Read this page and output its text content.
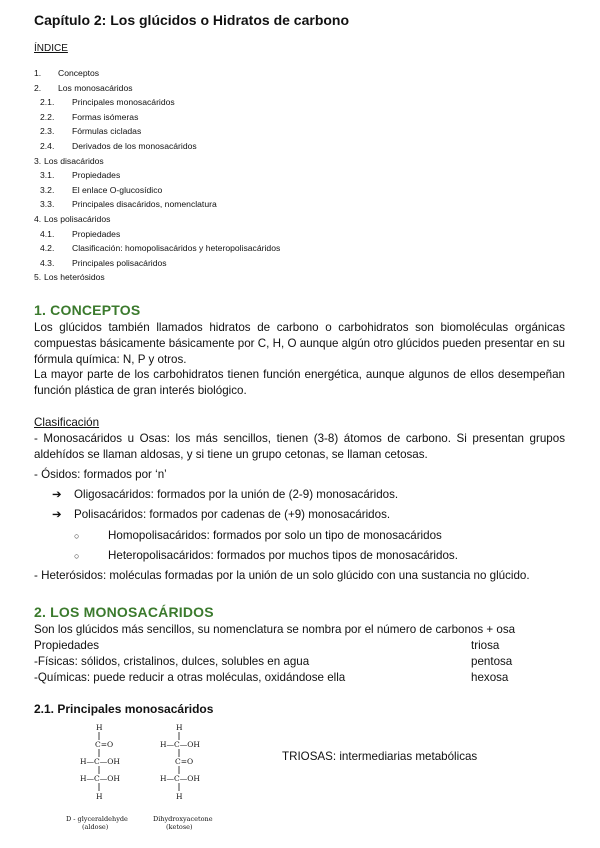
Capítulo 2: Los glúcidos o Hidratos de carbono
ÍNDICE
1. Conceptos
2. Los monosacáridos
2.1. Principales monosacáridos
2.2. Formas isómeras
2.3. Fórmulas cicladas
2.4. Derivados de los monosacáridos
3. Los disacáridos
3.1. Propiedades
3.2. El enlace O-glucosídico
3.3. Principales disacáridos, nomenclatura
4. Los polisacáridos
4.1. Propiedades
4.2. Clasificación: homopolisacáridos y heteropolisacáridos
4.3. Principales polisacáridos
5. Los heterósidos
1. CONCEPTOS
Los glúcidos también llamados hidratos de carbono o carbohidratos son biomoléculas orgánicas compuestas básicamente básicamente por C, H, O aunque algún otro glúcidos pueden presentar en su fórmula química: N, P y otros.
La mayor parte de los carbohidratos tienen función energética, aunque algunos de ellos desempeñan función plástica de gran interés biológico.
Clasificación
- Monosacáridos u Osas: los más sencillos, tienen (3-8) átomos de carbono. Si presentan grupos aldehídos se llaman aldosas, y si tiene un grupo cetonas, se llaman cetosas.
- Ósidos: formados por ‘n’
➔ Oligosacáridos: formados por la unión de (2-9) monosacáridos.
➔ Polisacáridos: formados por cadenas de (+9) monosacáridos.
○ Homopolisacáridos: formados por solo un tipo de monosacáridos
○ Heteropolisacáridos: formados por muchos tipos de monosacáridos.
- Heterósidos: moléculas formadas por la unión de un solo glúcido con una sustancia no glúcido.
2. LOS MONOSACÁRIDOS
Son los glúcidos más sencillos, su nomenclatura se nombra por el número de carbonos + osa
Propiedades	triosa
-Físicas: sólidos, cristalinos, dulces, solubles en agua	pentosa
-Químicas: puede reducir a otras moléculas, oxidándose ella	hexosa
2.1. Principales monosacáridos
H
C=O
H—C—OH
H—C—OH
H
H
H—C—OH
C=O
H—C—OH
H
D - glyceraldehyde
(aldose)
Dihydroxyacetone
(ketose)
TRIOSAS: intermediarias metabólicas
